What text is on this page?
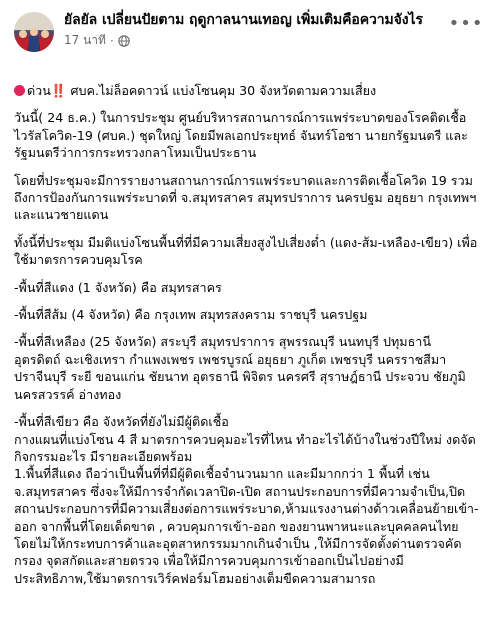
ยัลยัล เปลี่ยนปัยตาม ฤดูกาลนานเทอญ เพิ่มเติมคือความจังไร
17 นาที ·
•••

ด่วน‼️ ศบค.ไม่ล็อคดาวน์ แบ่งโซนคุม 30 จังหวัดตามความเสี่ยง

วันนี้( 24 ธ.ค.) ในการประชุม ศูนย์บริหารสถานการณ์การแพร่ระบาดของโรคติดเชื้อไวรัสโควิด-19 (ศบค.) ชุดใหญ่ โดยมีพลเอกประยุทธ์ จันทร์โอชา นายกรัฐมนตรี และ รัฐมนตรีว่าการกระทรวงกลาโหมเป็นประธาน

โดยที่ประชุมจะมีการรายงานสถานการณ์การแพร่ระบาดและการติดเชื้อโควิด 19 รวมถึงการป้องกันการแพร่ระบาดที่ จ.สมุทรสาคร สมุทรปราการ นครปฐม อยุธยา กรุงเทพฯ และแนวชายแดน

ทั้งนี้ที่ประชุม มีมติแบ่งโซนพื้นที่ที่มีความเสี่ยงสูงไปเสี่ยงต่ำ (แดง-ส้ม-เหลือง-เขียว) เพื่อใช้มาตรการควบคุมโรค

-พื้นที่สีแดง (1 จังหวัด) คือ สมุทรสาคร

-พื้นที่สีส้ม (4 จังหวัด) คือ กรุงเทพ สมุทรสงคราม ราชบุรี นครปฐม

-พื้นที่สีเหลือง (25 จังหวัด) สระบุรี สมุทรปราการ สุพรรณบุรี นนทบุรี ปทุมธานี อุตรดิตถ์ ฉะเชิงเทรา กำแพงเพชร เพชรบูรณ์ อยุธยา ภูเก็ต เพชรบุรี นครราชสีมา ปราจีนบุรี ระยี ขอนแก่น ชัยนาท อุตรธานี พิจิตร นครศรี สุราษฎ์ธานี ประจวบ ชัยภูมิ นครสวรรค์ อ่างทอง

-พื้นที่สีเขียว คือ จังหวัดที่ยังไม่มีผู้ติดเชื้อ

กางแผนที่แบ่งโซน 4 สี มาตรการควบคุมอะไรที่ไหน ทำอะไรได้บ้างในช่วงปีใหม่ งดจัดกิจกรรมอะไร มีรายละเอียดพร้อม

1.พื้นที่สีแดง ถือว่าเป็นพื้นที่ที่มีผู้ติดเชื้อจำนวนมาก และมีมากกว่า 1 พื้นที่ เช่น จ.สมุทรสาคร ซึ่งจะให้มีการจำกัดเวลาปิด-เปิด สถานประกอบการที่มีความจำเป็น,ปิดสถานประกอบการที่มีความเสี่ยงต่อการแพร่ระบาด,ห้ามแรงงานต่างด้าวเคลื่อนย้ายเข้า-ออก จากพื้นที่โดยเด็ดขาด , ควบคุมการเข้า-ออก ของยานพาหนะและบุคคลคนไทย โดยไม่ให้กระทบการค้าและอุตสาหกรรมมากเกินจำเป็น ,ให้มีการจัดตั้งด่านตรวจคัดกรอง จุดสกัดและสายตรวจ เพื่อให้มีการควบคุมการเข้าออกเป็นไปอย่างมีประสิทธิภาพ,ใช้มาตรการเวิร์คฟอร์มโฮมอย่างเต็มขีดความสามารถ
